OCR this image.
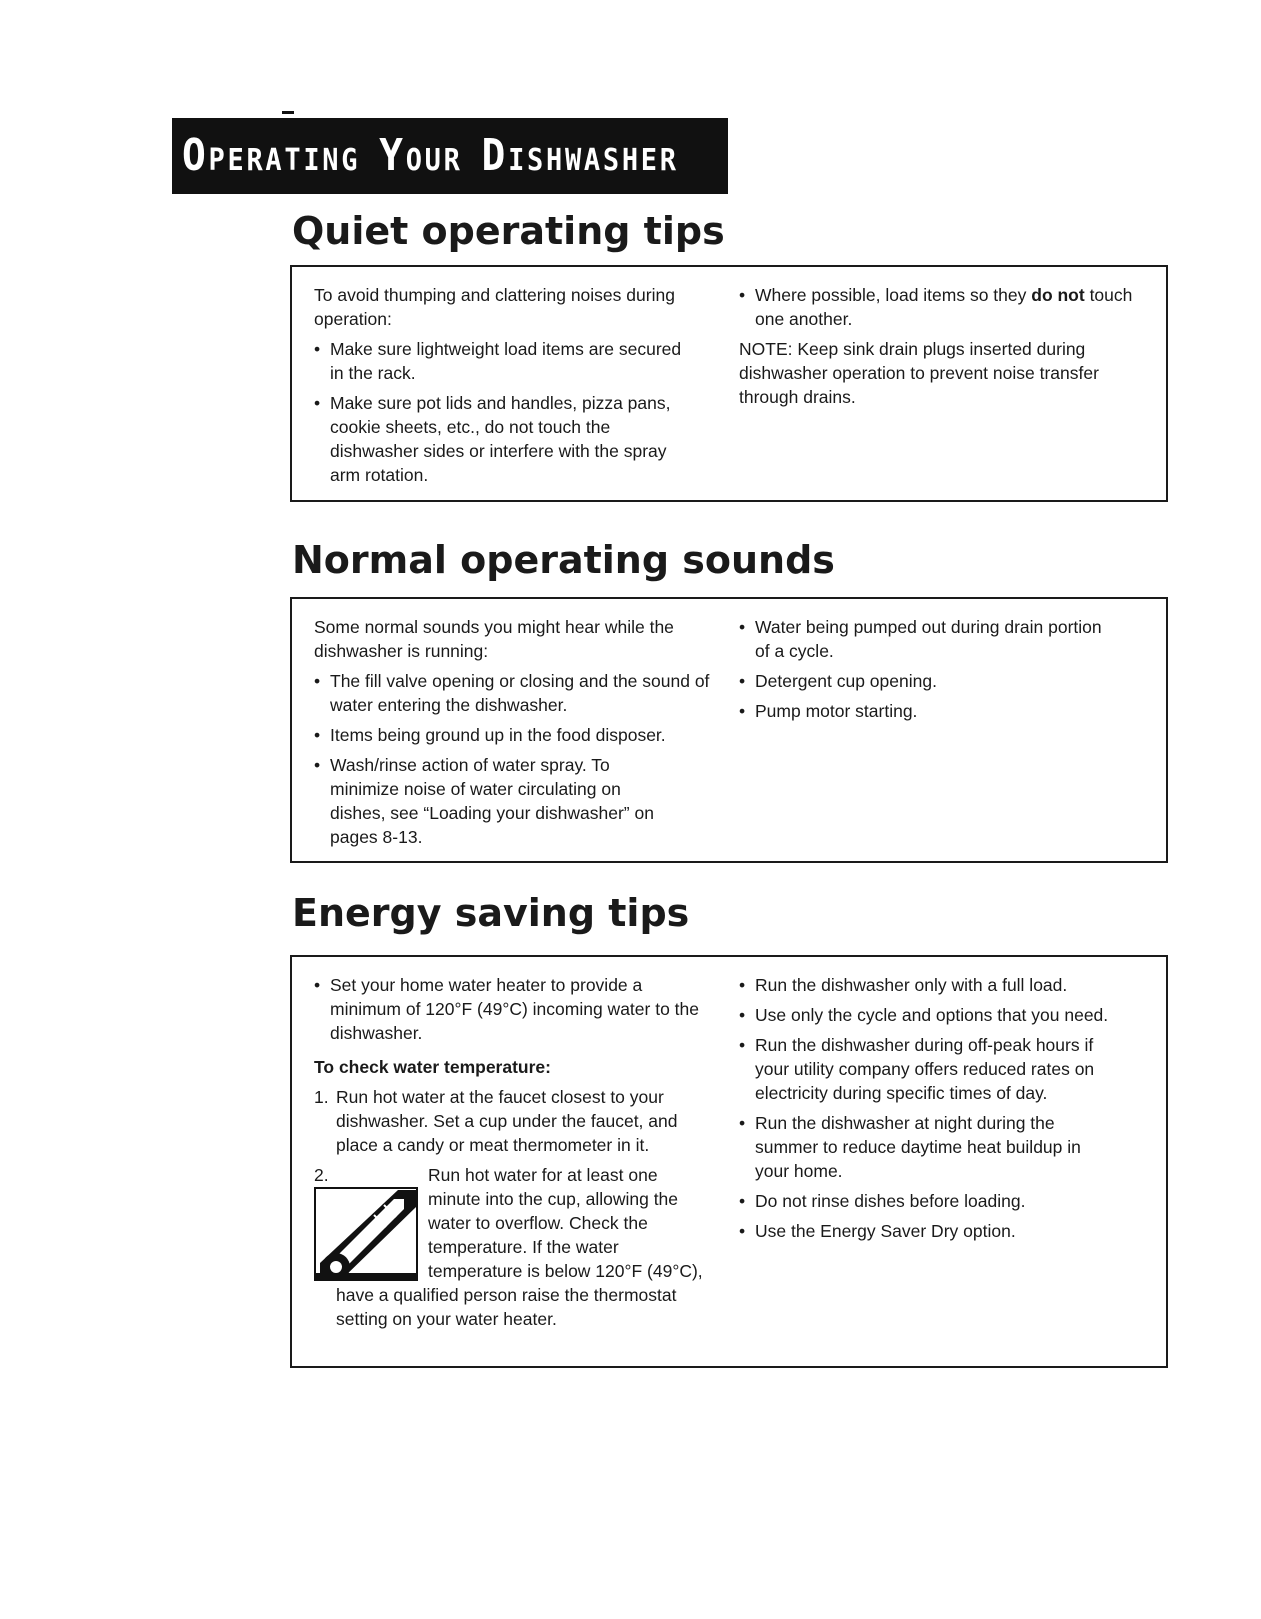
OPERATING YOUR DISHWASHER
Quiet operating tips

To avoid thumping and clattering noises during operation:

• Make sure lightweight load items are secured in the rack.

• Make sure pot lids and handles, pizza pans, cookie sheets, etc., do not touch the dishwasher sides or interfere with the spray arm rotation.

• Where possible, load items so they do not touch one another.

NOTE: Keep sink drain plugs inserted during dishwasher operation to prevent noise transfer through drains.

Normal operating sounds

Some normal sounds you might hear while the dishwasher is running:

• The fill valve opening or closing and the sound of water entering the dishwasher.

• Items being ground up in the food disposer.

• Wash/rinse action of water spray. To minimize noise of water circulating on dishes, see “Loading your dishwasher” on pages 8-13.

• Water being pumped out during drain portion of a cycle.

• Detergent cup opening.

• Pump motor starting.

Energy saving tips

• Set your home water heater to provide a minimum of 120°F (49°C) incoming water to the dishwasher.

To check water temperature:

1. Run hot water at the faucet closest to your dishwasher. Set a cup under the faucet, and place a candy or meat thermometer in it.

2.	Run hot water for at least one minute into the cup, allowing the water to overflow. Check the temperature. If the water temperature is below 120°F (49°C), have a qualified person raise the thermostat setting on your water heater.

• Run the dishwasher only with a full load.

• Use only the cycle and options that you need.

• Run the dishwasher during off-peak hours if your utility company offers reduced rates on electricity during specific times of day.

• Run the dishwasher at night during the summer to reduce daytime heat buildup in your home.

• Do not rinse dishes before loading.

• Use the Energy Saver Dry option.
